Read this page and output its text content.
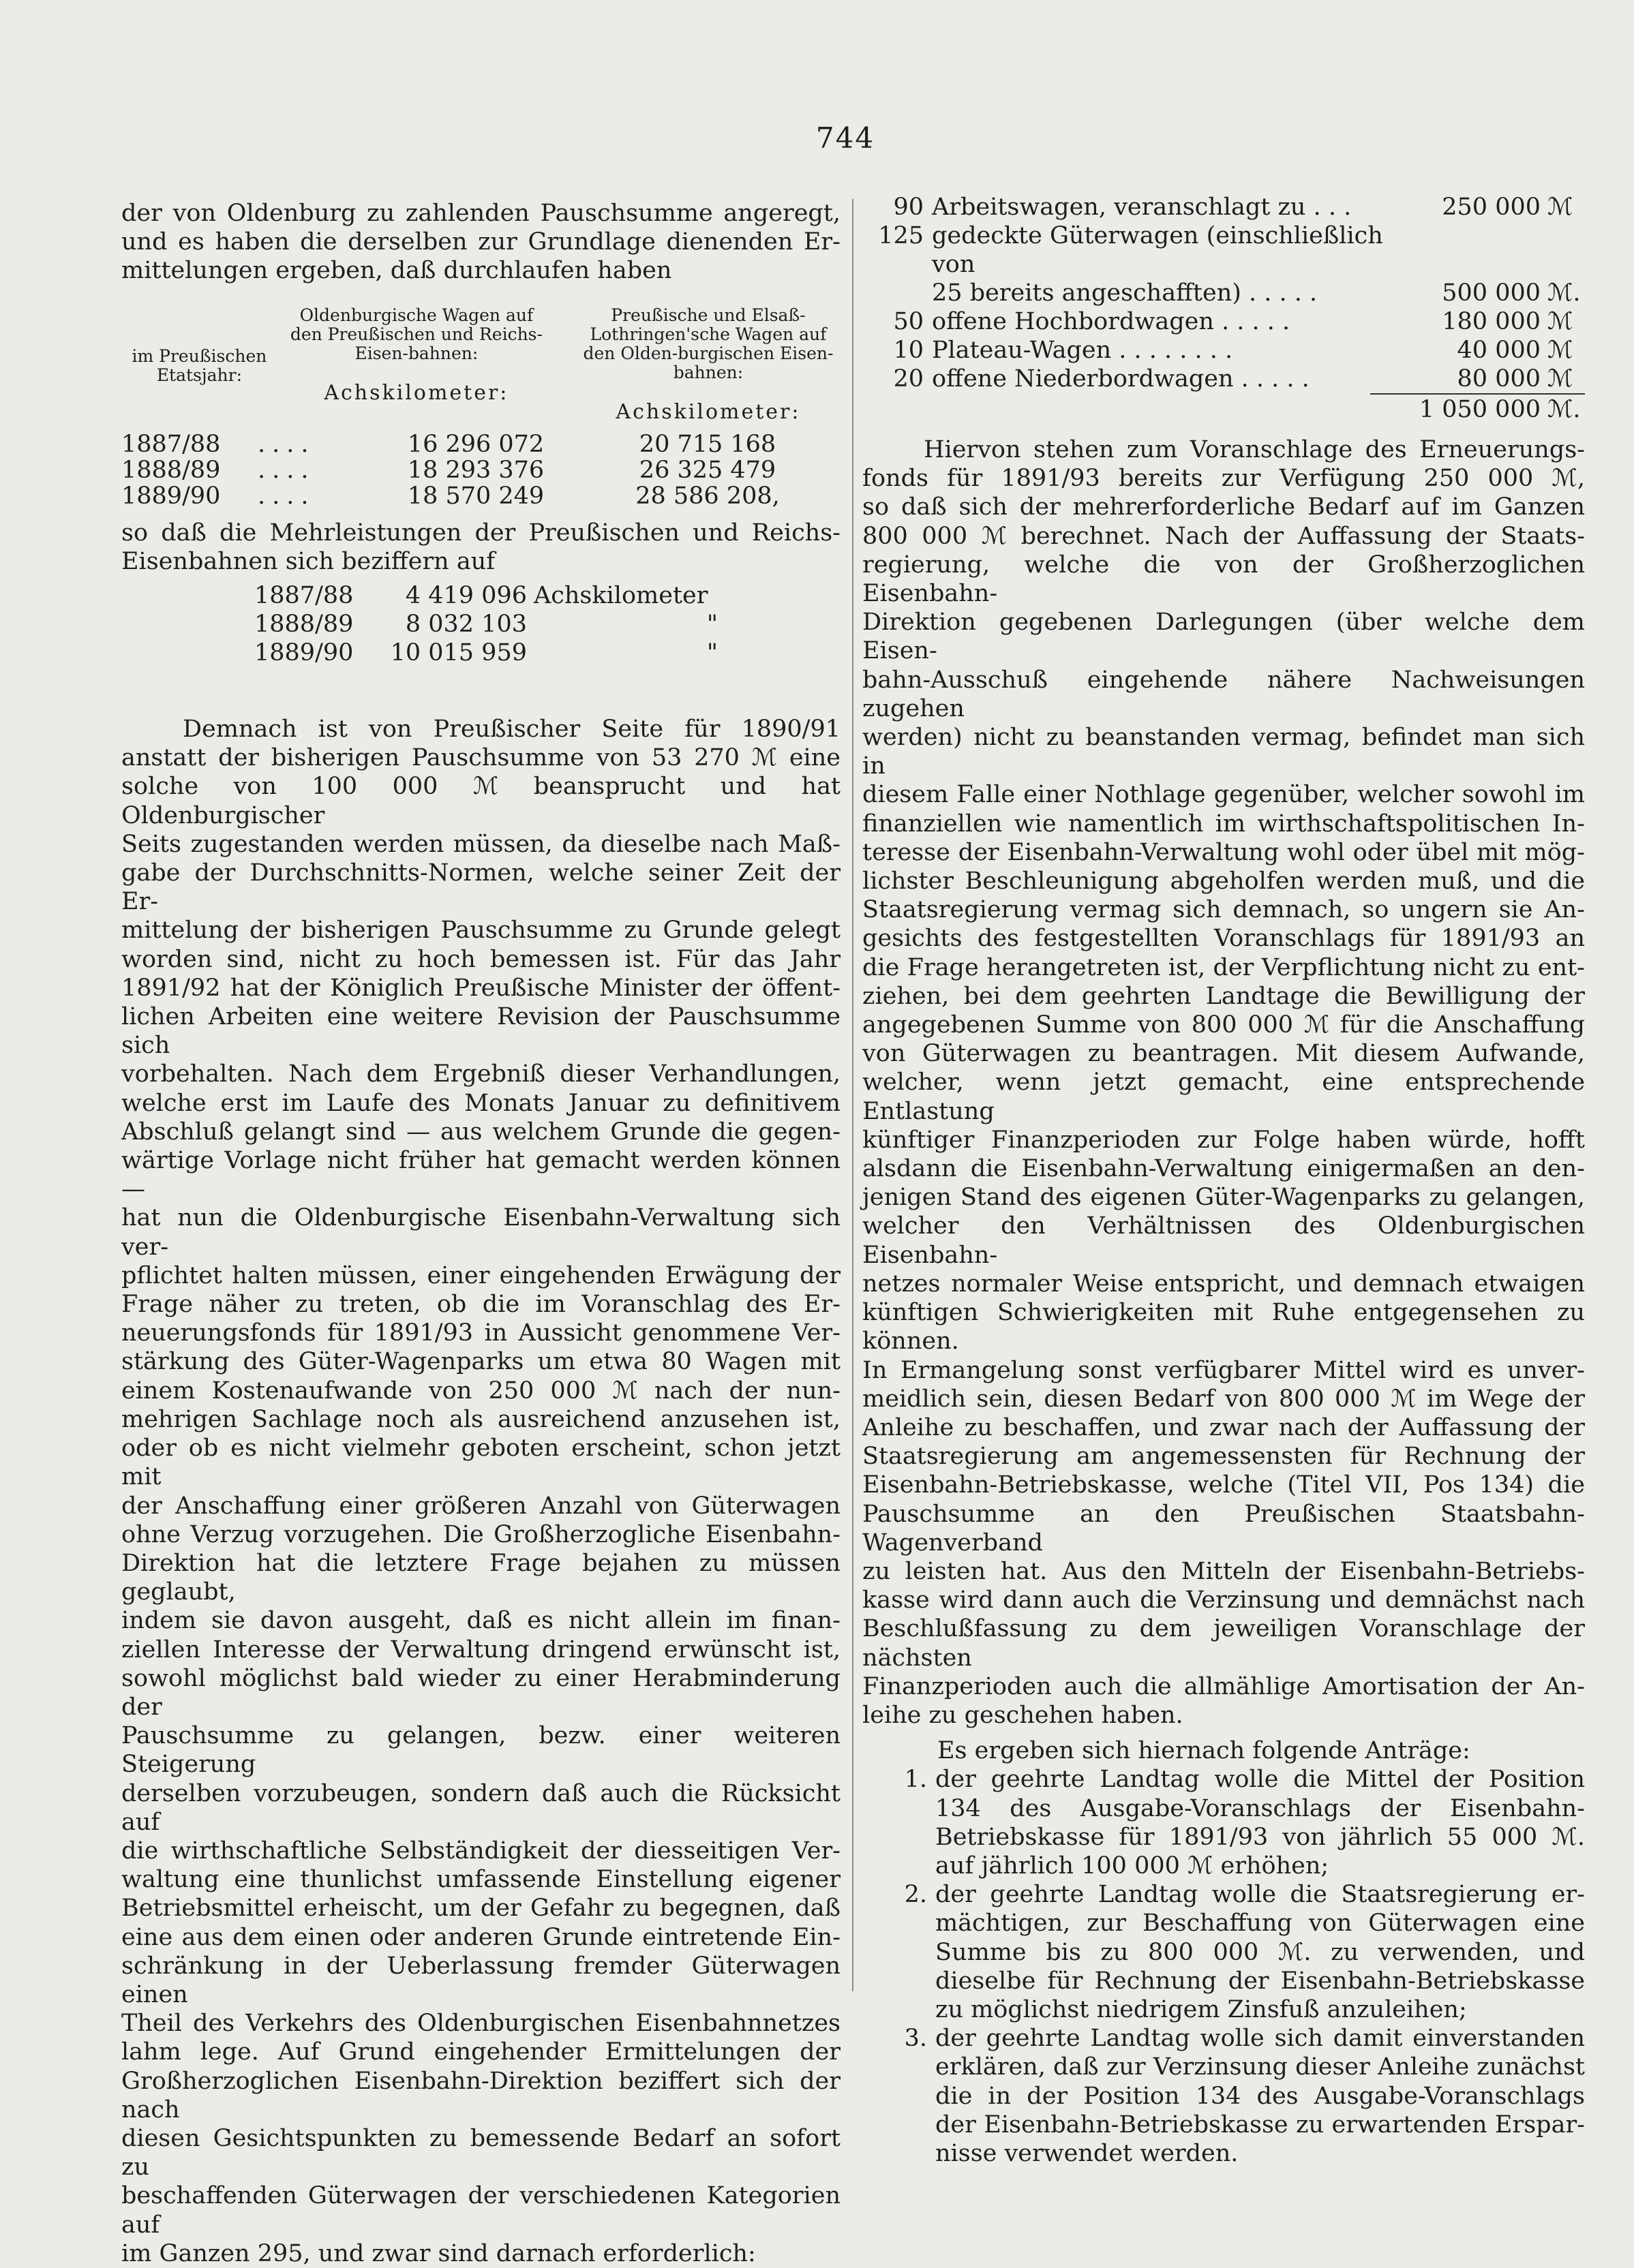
744

der von Oldenburg zu zahlenden Pauschsumme angeregt,

und es haben die derselben zur Grundlage dienenden Er-

mittelungen ergeben, daß durchlaufen haben

im Preußischen Etatsjahr:
Oldenburgische Wagen auf den Preußischen und Reichs-Eisen-bahnen:
Achskilometer:
Preußische und Elsaß-Lothringen'sche Wagen auf den Olden-burgischen Eisen-bahnen:
Achskilometer:
1887/88	....	16 296 072	20 715 168
1888/89	....	18 293 376	26 325 479
1889/90	....	18 570 249	28 586 208,

so daß die Mehrleistungen der Preußischen und Reichs-

Eisenbahnen sich beziffern auf

1887/88	4 419 096 Achskilometer
1888/89	8 032 103	"
1889/90	10 015 959	"

Demnach ist von Preußischer Seite für 1890/91

anstatt der bisherigen Pauschsumme von 53 270 ℳ eine

solche von 100 000 ℳ beansprucht und hat Oldenburgischer

Seits zugestanden werden müssen, da dieselbe nach Maß-

gabe der Durchschnitts-Normen, welche seiner Zeit der Er-

mittelung der bisherigen Pauschsumme zu Grunde gelegt

worden sind, nicht zu hoch bemessen ist. Für das Jahr

1891/92 hat der Königlich Preußische Minister der öffent-

lichen Arbeiten eine weitere Revision der Pauschsumme sich

vorbehalten. Nach dem Ergebniß dieser Verhandlungen,

welche erst im Laufe des Monats Januar zu definitivem

Abschluß gelangt sind — aus welchem Grunde die gegen-

wärtige Vorlage nicht früher hat gemacht werden können —

hat nun die Oldenburgische Eisenbahn-Verwaltung sich ver-

pflichtet halten müssen, einer eingehenden Erwägung der

Frage näher zu treten, ob die im Voranschlag des Er-

neuerungsfonds für 1891/93 in Aussicht genommene Ver-

stärkung des Güter-Wagenparks um etwa 80 Wagen mit

einem Kostenaufwande von 250 000 ℳ nach der nun-

mehrigen Sachlage noch als ausreichend anzusehen ist,

oder ob es nicht vielmehr geboten erscheint, schon jetzt mit

der Anschaffung einer größeren Anzahl von Güterwagen

ohne Verzug vorzugehen. Die Großherzogliche Eisenbahn-

Direktion hat die letztere Frage bejahen zu müssen geglaubt,

indem sie davon ausgeht, daß es nicht allein im finan-

ziellen Interesse der Verwaltung dringend erwünscht ist,

sowohl möglichst bald wieder zu einer Herabminderung der

Pauschsumme zu gelangen, bezw. einer weiteren Steigerung

derselben vorzubeugen, sondern daß auch die Rücksicht auf

die wirthschaftliche Selbständigkeit der diesseitigen Ver-

waltung eine thunlichst umfassende Einstellung eigener

Betriebsmittel erheischt, um der Gefahr zu begegnen, daß

eine aus dem einen oder anderen Grunde eintretende Ein-

schränkung in der Ueberlassung fremder Güterwagen einen

Theil des Verkehrs des Oldenburgischen Eisenbahnnetzes

lahm lege. Auf Grund eingehender Ermittelungen der

Großherzoglichen Eisenbahn-Direktion beziffert sich der nach

diesen Gesichtspunkten zu bemessende Bedarf an sofort zu

beschaffenden Güterwagen der verschiedenen Kategorien auf

im Ganzen 295, und zwar sind darnach erforderlich:

90 Arbeitswagen, veranschlagt zu . . .	250 000 ℳ
125 gedeckte Güterwagen (einschließlich von
25 bereits angeschafften) . . . . .	500 000 ℳ.
50 offene Hochbordwagen . . . . .	180 000 ℳ
10 Plateau-Wagen . . . . . . . .	40 000 ℳ
20 offene Niederbordwagen . . . . .	80 000 ℳ
1 050 000 ℳ.

Hiervon stehen zum Voranschlage des Erneuerungs-

fonds für 1891/93 bereits zur Verfügung 250 000 ℳ,

so daß sich der mehrerforderliche Bedarf auf im Ganzen

800 000 ℳ berechnet. Nach der Auffassung der Staats-

regierung, welche die von der Großherzoglichen Eisenbahn-

Direktion gegebenen Darlegungen (über welche dem Eisen-

bahn-Ausschuß eingehende nähere Nachweisungen zugehen

werden) nicht zu beanstanden vermag, befindet man sich in

diesem Falle einer Nothlage gegenüber, welcher sowohl im

finanziellen wie namentlich im wirthschaftspolitischen In-

teresse der Eisenbahn-Verwaltung wohl oder übel mit mög-

lichster Beschleunigung abgeholfen werden muß, und die

Staatsregierung vermag sich demnach, so ungern sie An-

gesichts des festgestellten Voranschlags für 1891/93 an

die Frage herangetreten ist, der Verpflichtung nicht zu ent-

ziehen, bei dem geehrten Landtage die Bewilligung der

angegebenen Summe von 800 000 ℳ für die Anschaffung

von Güterwagen zu beantragen. Mit diesem Aufwande,

welcher, wenn jetzt gemacht, eine entsprechende Entlastung

künftiger Finanzperioden zur Folge haben würde, hofft

alsdann die Eisenbahn-Verwaltung einigermaßen an den-

jenigen Stand des eigenen Güter-Wagenparks zu gelangen,

welcher den Verhältnissen des Oldenburgischen Eisenbahn-

netzes normaler Weise entspricht, und demnach etwaigen

künftigen Schwierigkeiten mit Ruhe entgegensehen zu können.

In Ermangelung sonst verfügbarer Mittel wird es unver-

meidlich sein, diesen Bedarf von 800 000 ℳ im Wege der

Anleihe zu beschaffen, und zwar nach der Auffassung der

Staatsregierung am angemessensten für Rechnung der

Eisenbahn-Betriebskasse, welche (Titel VII, Pos 134) die

Pauschsumme an den Preußischen Staatsbahn-Wagenverband

zu leisten hat. Aus den Mitteln der Eisenbahn-Betriebs-

kasse wird dann auch die Verzinsung und demnächst nach

Beschlußfassung zu dem jeweiligen Voranschlage der nächsten

Finanzperioden auch die allmählige Amortisation der An-

leihe zu geschehen haben.

Es ergeben sich hiernach folgende Anträge:

1. der geehrte Landtag wolle die Mittel der Position

134 des Ausgabe-Voranschlags der Eisenbahn-

Betriebskasse für 1891/93 von jährlich 55 000 ℳ.

auf jährlich 100 000 ℳ erhöhen;

2. der geehrte Landtag wolle die Staatsregierung er-

mächtigen, zur Beschaffung von Güterwagen eine

Summe bis zu 800 000 ℳ. zu verwenden, und

dieselbe für Rechnung der Eisenbahn-Betriebskasse

zu möglichst niedrigem Zinsfuß anzuleihen;

3. der geehrte Landtag wolle sich damit einverstanden

erklären, daß zur Verzinsung dieser Anleihe zunächst

die in der Position 134 des Ausgabe-Voranschlags

der Eisenbahn-Betriebskasse zu erwartenden Erspar-

nisse verwendet werden.
